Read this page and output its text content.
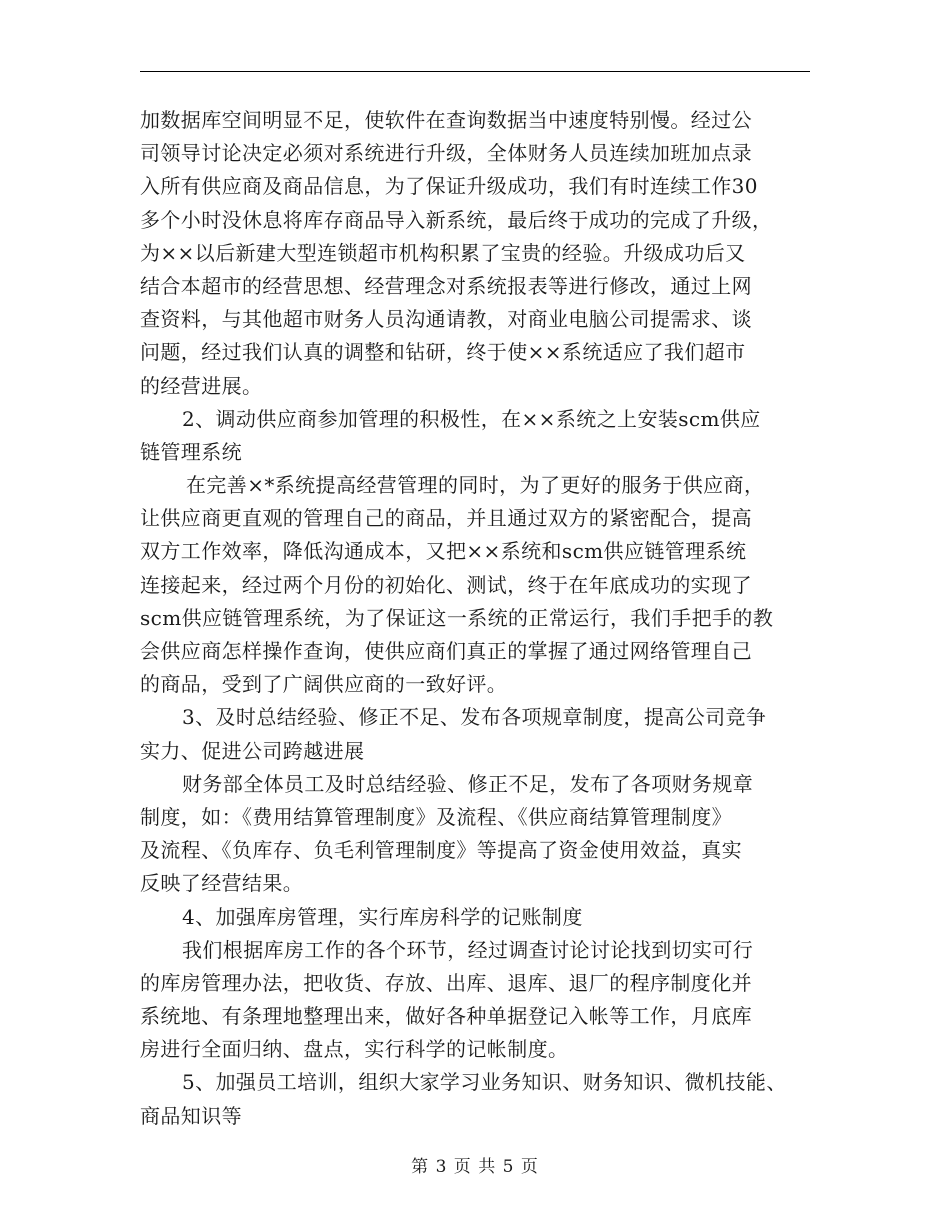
加数据库空间明显不足，使软件在查询数据当中速度特别慢。经过公
司领导讨论决定必须对系统进行升级，全体财务人员连续加班加点录
入所有供应商及商品信息，为了保证升级成功，我们有时连续工作30
多个小时没休息将库存商品导入新系统，最后终于成功的完成了升级，
为××以后新建大型连锁超市机构积累了宝贵的经验。升级成功后又
结合本超市的经营思想、经营理念对系统报表等进行修改，通过上网
查资料，与其他超市财务人员沟通请教，对商业电脑公司提需求、谈
问题，经过我们认真的调整和钻研，终于使××系统适应了我们超市
的经营进展。
2、调动供应商参加管理的积极性，在××系统之上安装scm供应
链管理系统
在完善×*系统提高经营管理的同时，为了更好的服务于供应商，
让供应商更直观的管理自己的商品，并且通过双方的紧密配合，提高
双方工作效率，降低沟通成本，又把××系统和scm供应链管理系统
连接起来，经过两个月份的初始化、测试，终于在年底成功的实现了
scm供应链管理系统，为了保证这一系统的正常运行，我们手把手的教
会供应商怎样操作查询，使供应商们真正的掌握了通过网络管理自己
的商品，受到了广阔供应商的一致好评。
3、及时总结经验、修正不足、发布各项规章制度，提高公司竞争
实力、促进公司跨越进展
财务部全体员工及时总结经验、修正不足，发布了各项财务规章
制度，如：《费用结算管理制度》及流程、《供应商结算管理制度》
及流程、《负库存、负毛利管理制度》等提高了资金使用效益，真实
反映了经营结果。
4、加强库房管理，实行库房科学的记账制度
我们根据库房工作的各个环节，经过调查讨论讨论找到切实可行
的库房管理办法，把收货、存放、出库、退库、退厂的程序制度化并
系统地、有条理地整理出来，做好各种单据登记入帐等工作，月底库
房进行全面归纳、盘点，实行科学的记帐制度。
5、加强员工培训，组织大家学习业务知识、财务知识、微机技能、
商品知识等
第 3 页 共 5 页
